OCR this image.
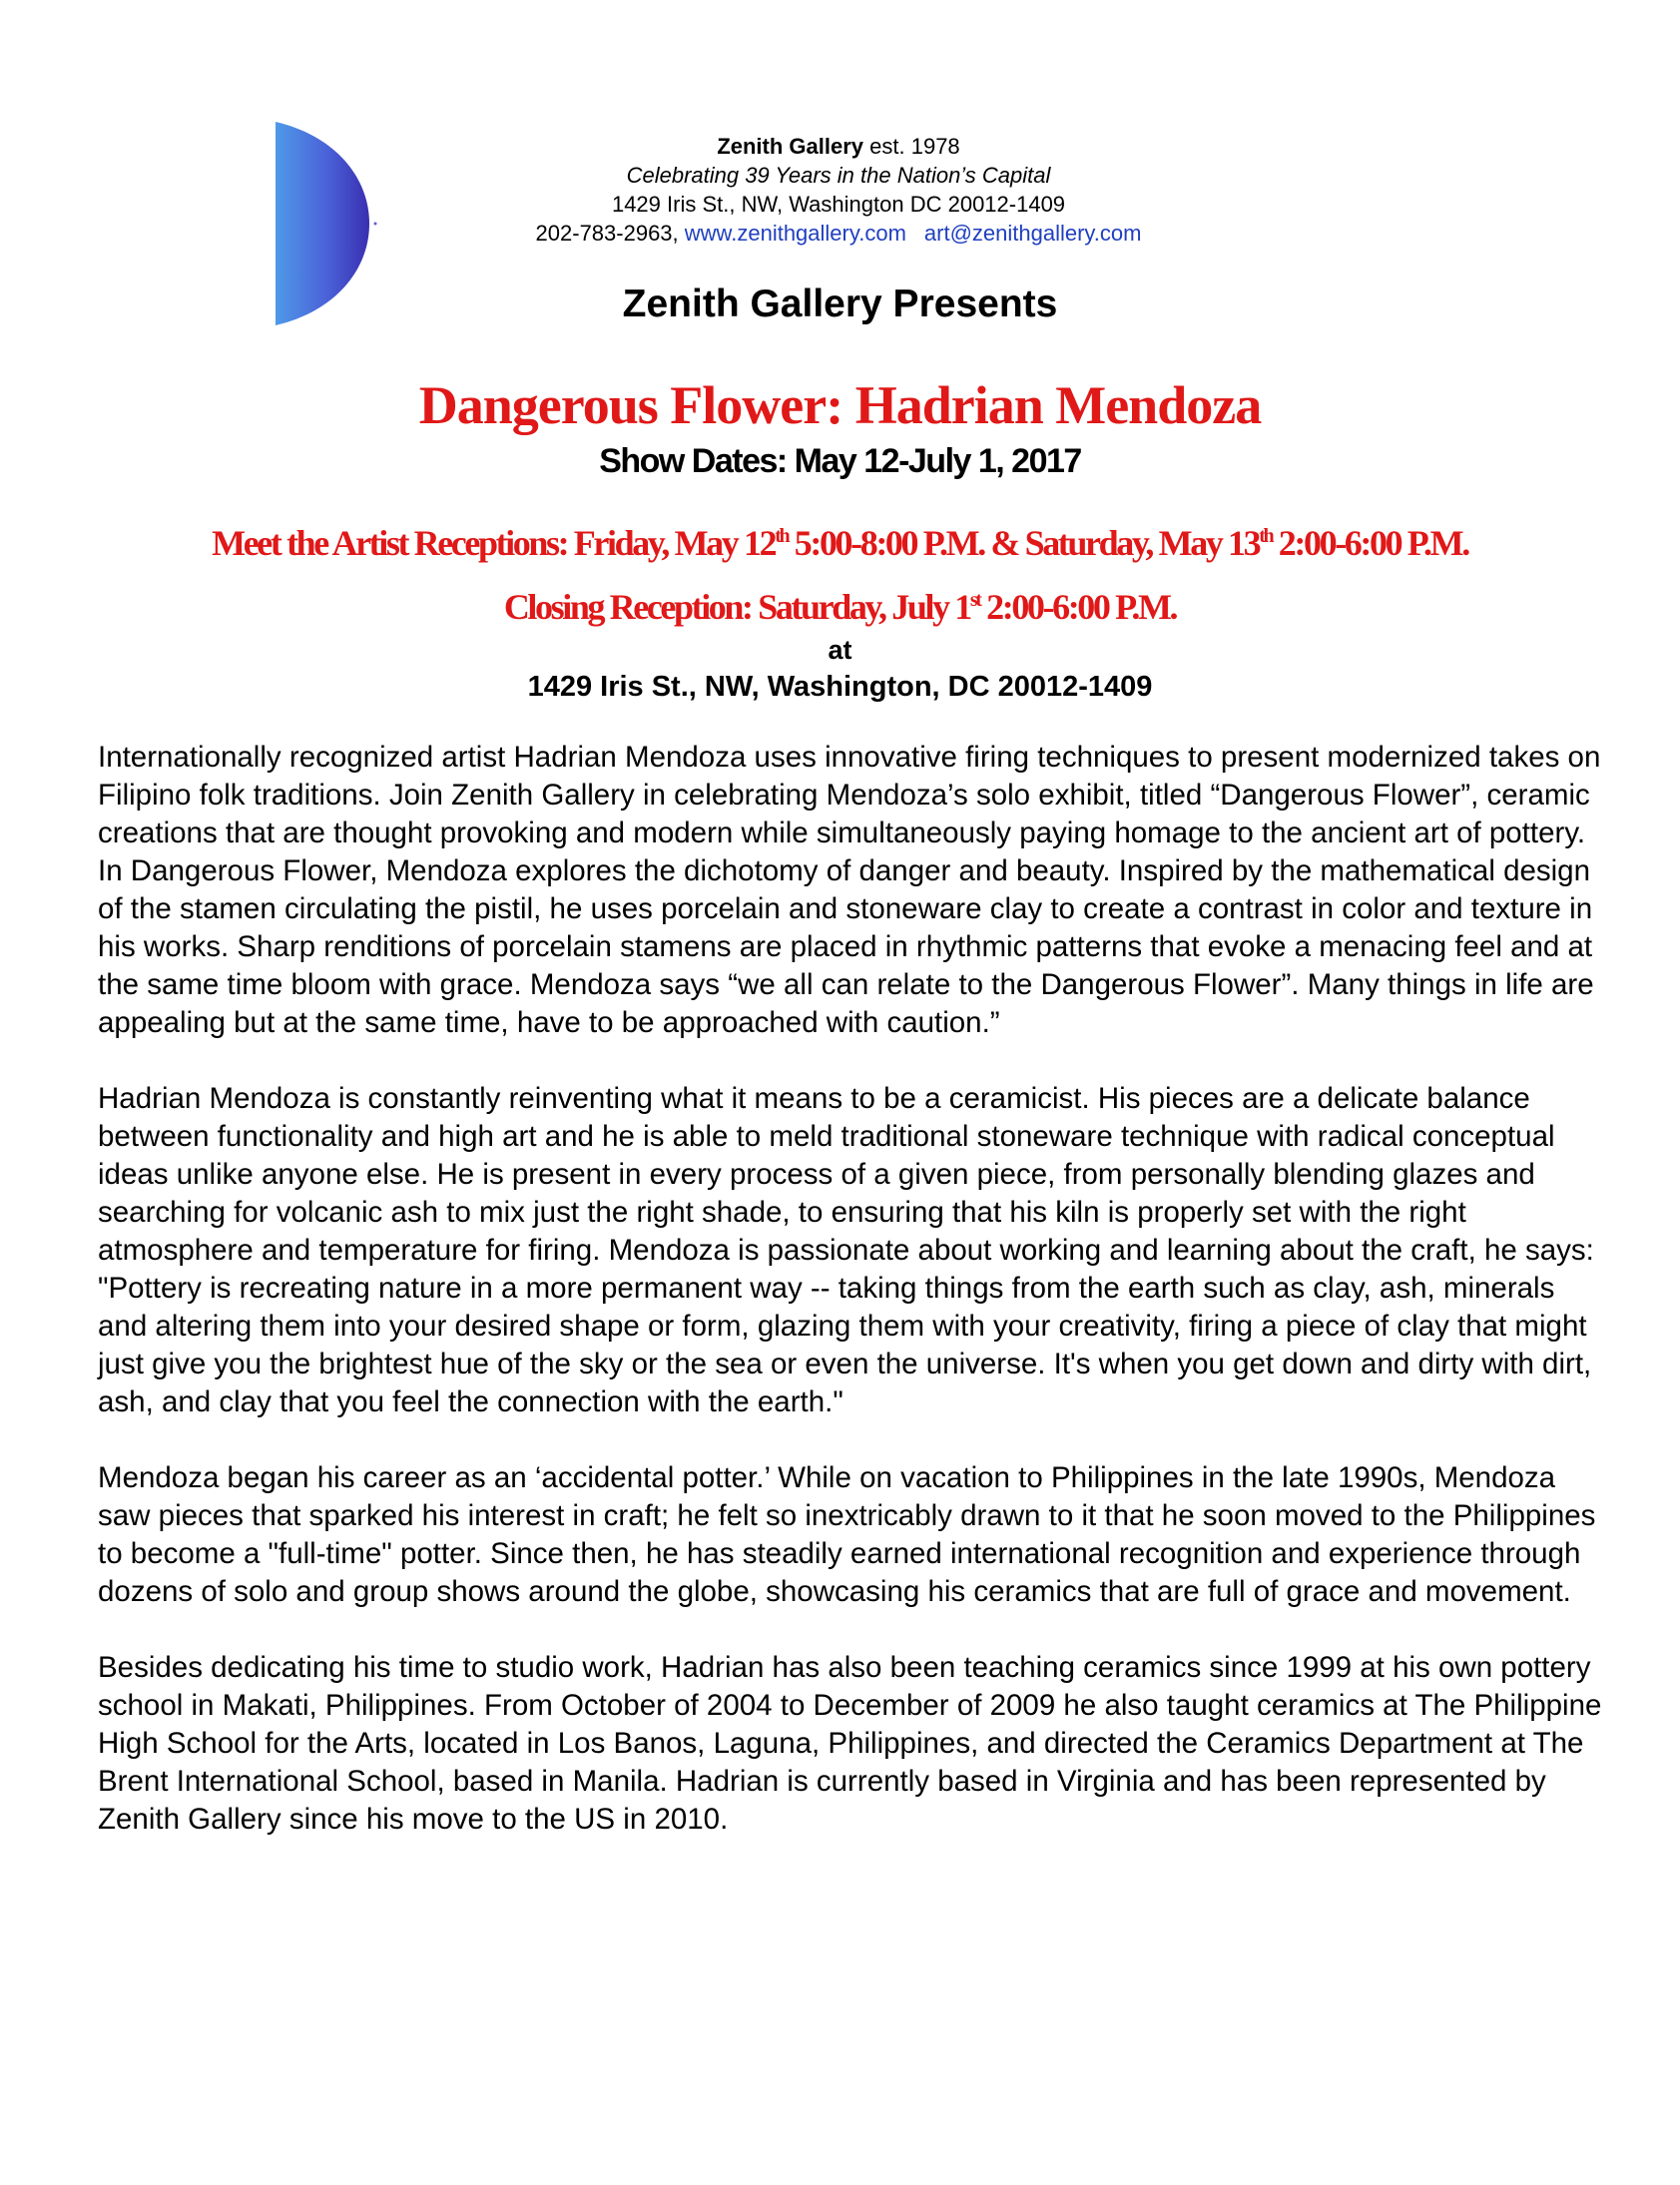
Zenith Gallery est. 1978
Celebrating 39 Years in the Nation’s Capital
1429 Iris St., NW, Washington DC 20012-1409
202-783-2963, www.zenithgallery.com art@zenithgallery.com
Zenith Gallery Presents
Dangerous Flower: Hadrian Mendoza
Show Dates: May 12-July 1, 2017
Meet the Artist Receptions: Friday, May 12th 5:00-8:00 P.M. & Saturday, May 13th 2:00-6:00 P.M.
Closing Reception: Saturday, July 1st 2:00-6:00 P.M.
at
1429 Iris St., NW, Washington, DC 20012-1409

Internationally recognized artist Hadrian Mendoza uses innovative firing techniques to present modernized takes on Filipino folk traditions. Join Zenith Gallery in celebrating Mendoza’s solo exhibit, titled “Dangerous Flower”, ceramic creations that are thought provoking and modern while simultaneously paying homage to the ancient art of pottery. In Dangerous Flower, Mendoza explores the dichotomy of danger and beauty. Inspired by the mathematical design of the stamen circulating the pistil, he uses porcelain and stoneware clay to create a contrast in color and texture in his works. Sharp renditions of porcelain stamens are placed in rhythmic patterns that evoke a menacing feel and at the same time bloom with grace. Mendoza says “we all can relate to the Dangerous Flower”. Many things in life are appealing but at the same time, have to be approached with caution.”

Hadrian Mendoza is constantly reinventing what it means to be a ceramicist. His pieces are a delicate balance between functionality and high art and he is able to meld traditional stoneware technique with radical conceptual ideas unlike anyone else. He is present in every process of a given piece, from personally blending glazes and searching for volcanic ash to mix just the right shade, to ensuring that his kiln is properly set with the right atmosphere and temperature for firing. Mendoza is passionate about working and learning about the craft, he says: "Pottery is recreating nature in a more permanent way -- taking things from the earth such as clay, ash, minerals and altering them into your desired shape or form, glazing them with your creativity, firing a piece of clay that might just give you the brightest hue of the sky or the sea or even the universe. It's when you get down and dirty with dirt, ash, and clay that you feel the connection with the earth."

Mendoza began his career as an ‘accidental potter.’ While on vacation to Philippines in the late 1990s, Mendoza saw pieces that sparked his interest in craft; he felt so inextricably drawn to it that he soon moved to the Philippines to become a "full-time" potter. Since then, he has steadily earned international recognition and experience through dozens of solo and group shows around the globe, showcasing his ceramics that are full of grace and movement.

Besides dedicating his time to studio work, Hadrian has also been teaching ceramics since 1999 at his own pottery school in Makati, Philippines. From October of 2004 to December of 2009 he also taught ceramics at The Philippine High School for the Arts, located in Los Banos, Laguna, Philippines, and directed the Ceramics Department at The Brent International School, based in Manila. Hadrian is currently based in Virginia and has been represented by Zenith Gallery since his move to the US in 2010.
